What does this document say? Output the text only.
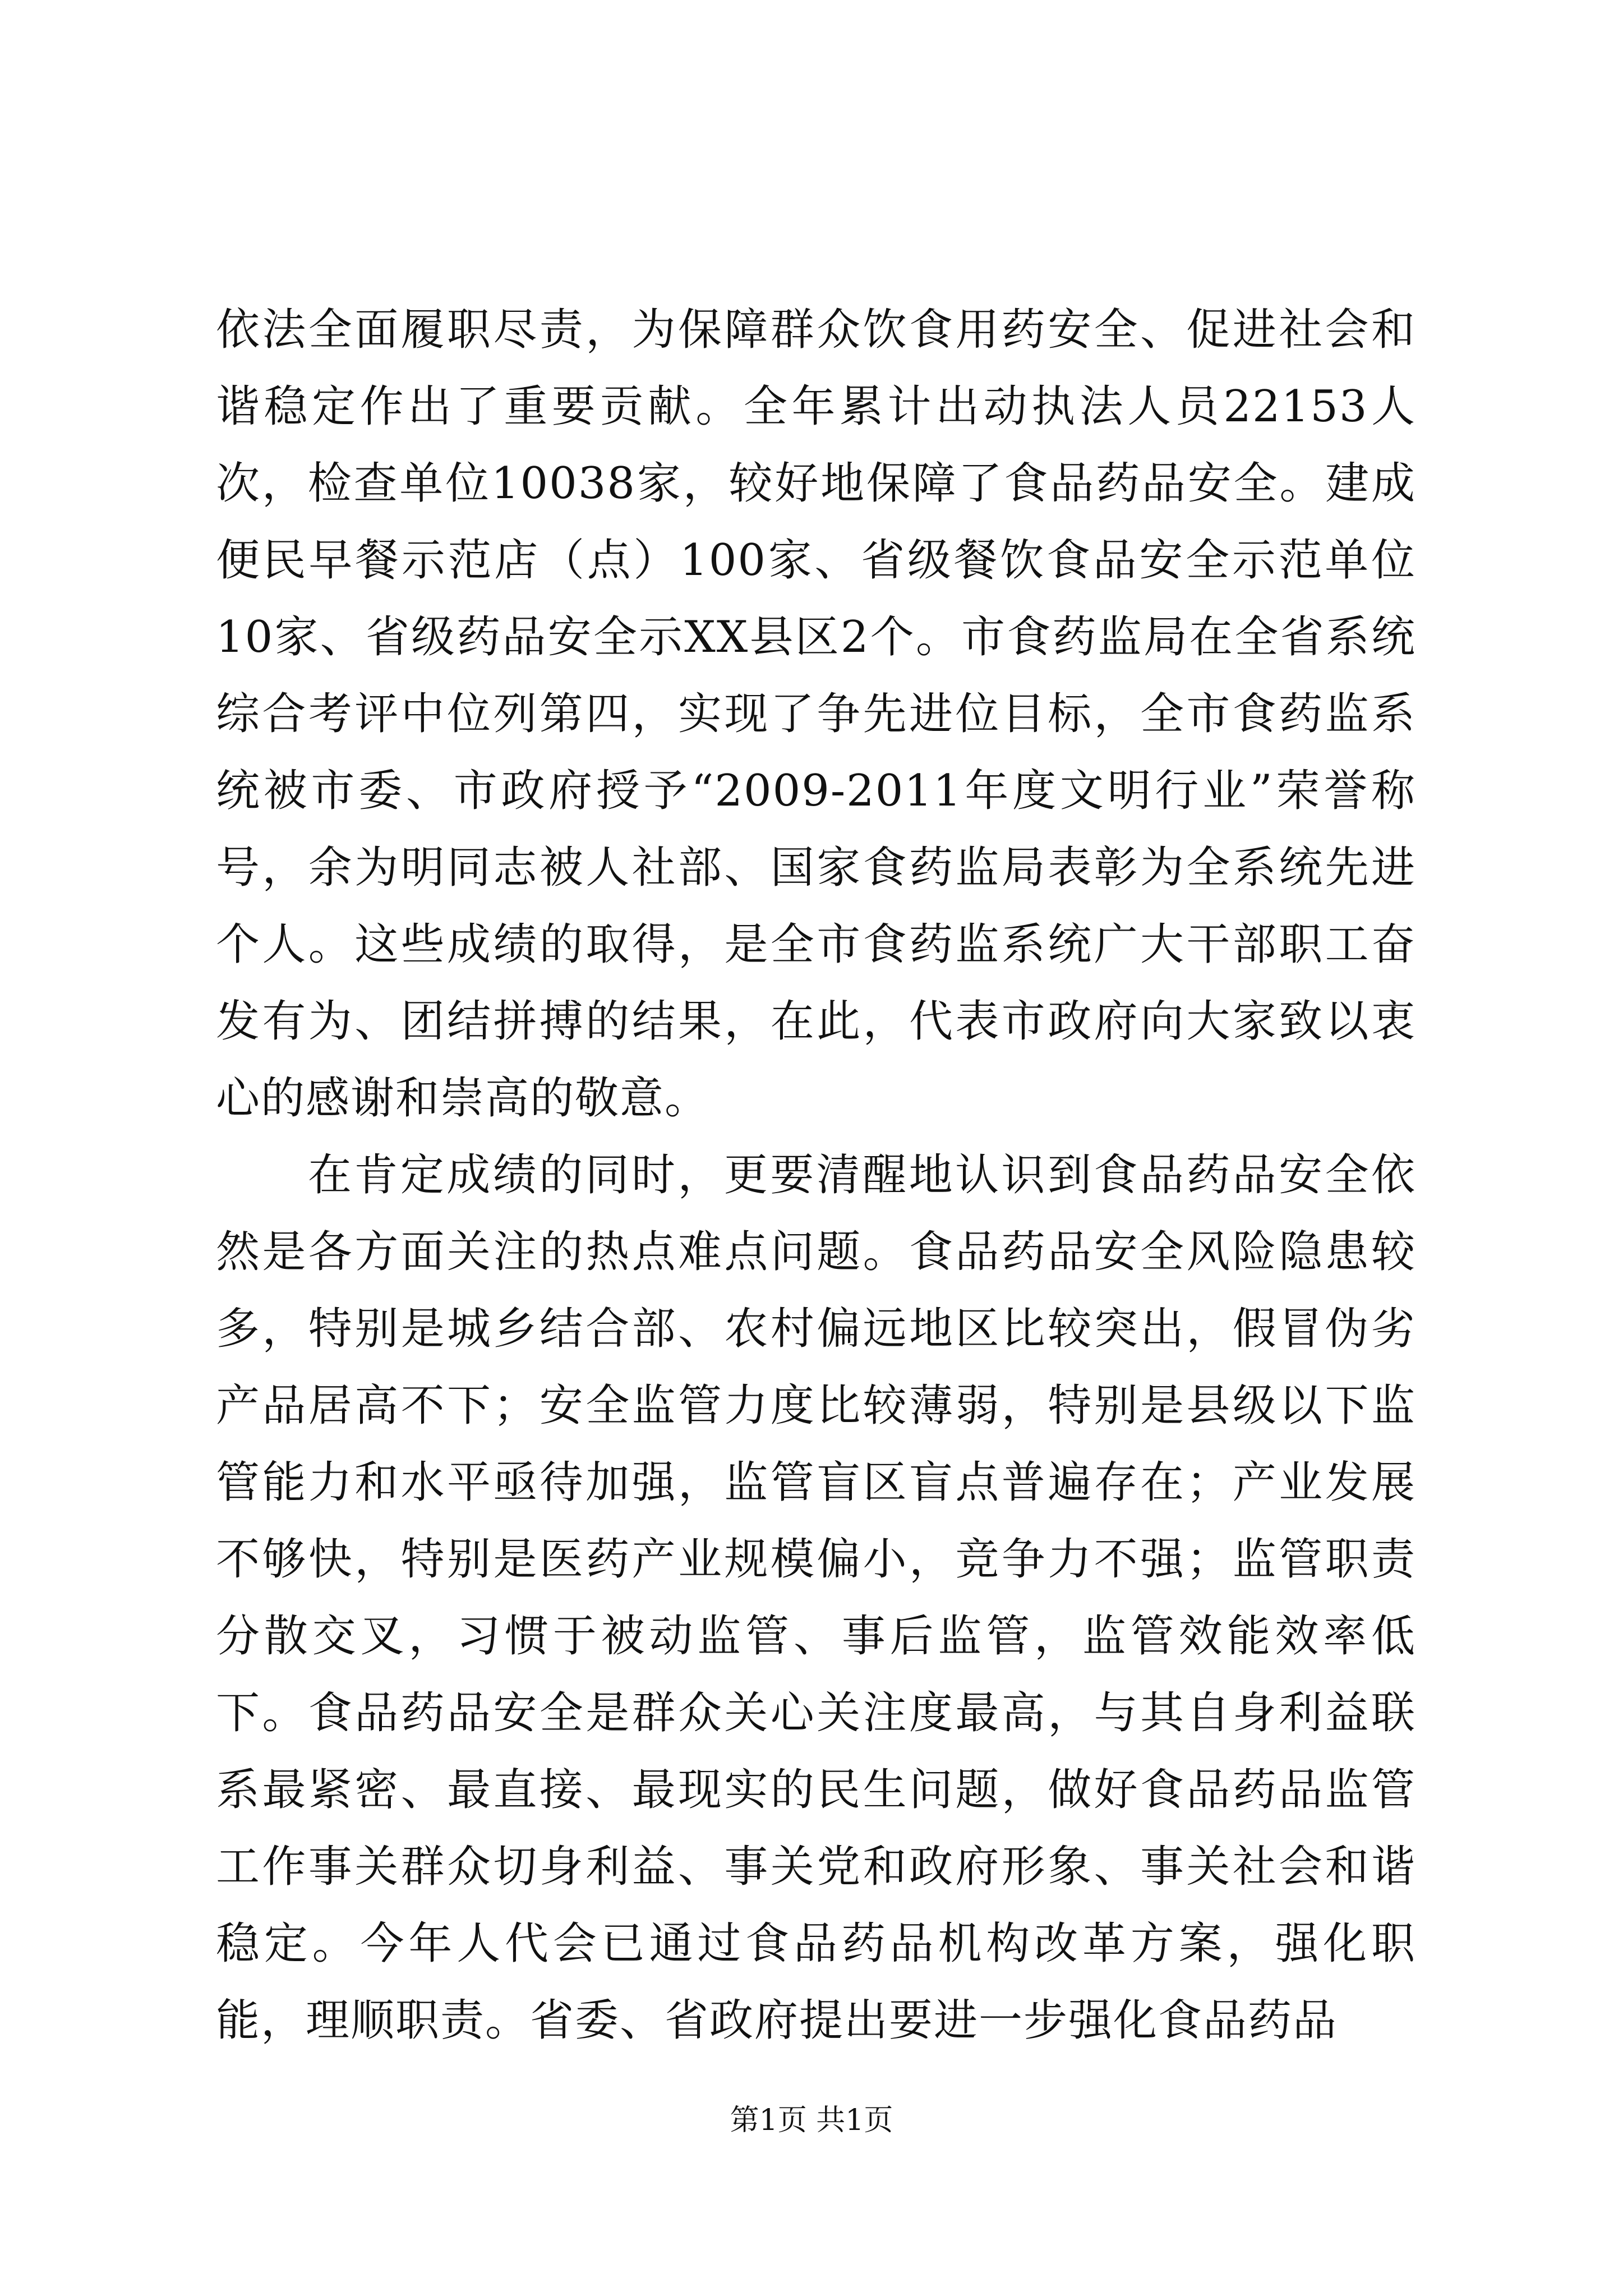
依法全面履职尽责，为保障群众饮食用药安全、促进社会和谐稳定作出了重要贡献。全年累计出动执法人员22153人次，检查单位10038家，较好地保障了食品药品安全。建成便民早餐示范店（点）100家、省级餐饮食品安全示范单位10家、省级药品安全示XX县区2个。市食药监局在全省系统综合考评中位列第四，实现了争先进位目标，全市食药监系统被市委、市政府授予“2009-2011年度文明行业”荣誉称号，余为明同志被人社部、国家食药监局表彰为全系统先进个人。这些成绩的取得，是全市食药监系统广大干部职工奋发有为、团结拼搏的结果，在此，代表市政府向大家致以衷心的感谢和崇高的敬意。

在肯定成绩的同时，更要清醒地认识到食品药品安全依然是各方面关注的热点难点问题。食品药品安全风险隐患较多，特别是城乡结合部、农村偏远地区比较突出，假冒伪劣产品居高不下；安全监管力度比较薄弱，特别是县级以下监管能力和水平亟待加强，监管盲区盲点普遍存在；产业发展不够快，特别是医药产业规模偏小，竞争力不强；监管职责分散交叉，习惯于被动监管、事后监管，监管效能效率低下。食品药品安全是群众关心关注度最高，与其自身利益联系最紧密、最直接、最现实的民生问题，做好食品药品监管工作事关群众切身利益、事关党和政府形象、事关社会和谐稳定。今年人代会已通过食品药品机构改革方案，强化职能，理顺职责。省委、省政府提出要进一步强化食品药品

第1页 共1页
